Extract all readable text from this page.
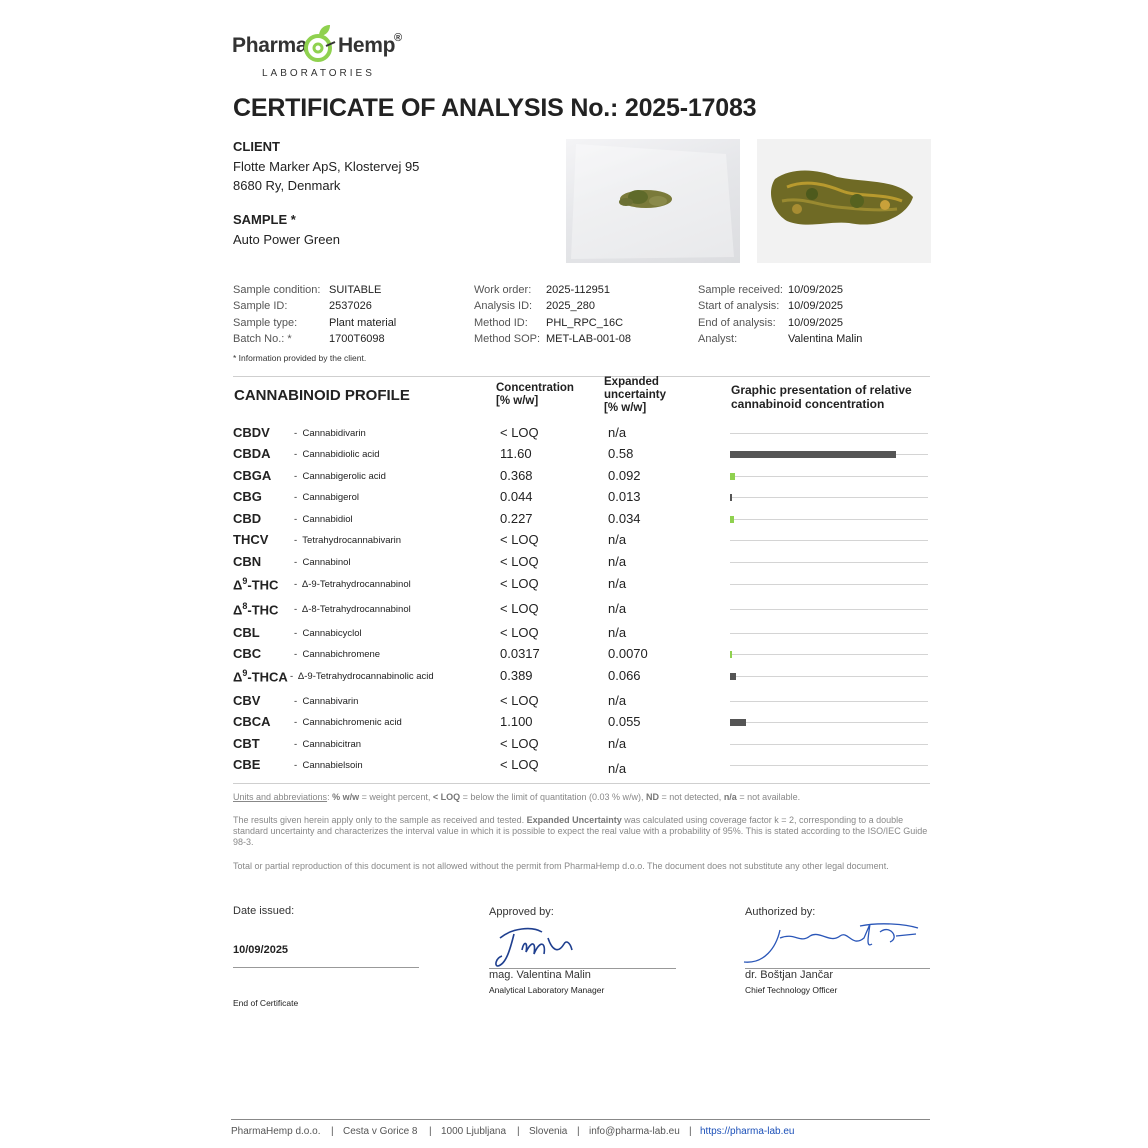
Pharma Hemp
®
LABORATORIES
CERTIFICATE OF ANALYSIS No.: 2025-17083
CLIENT
Flotte Marker ApS, Klostervej 95
8680 Ry, Denmark
SAMPLE *
Auto Power Green
Sample condition: SUITABLE
Sample ID:	2537026
Sample type:	Plant material
Batch No.: *	1700T6098
Work order: 2025-112951
Analysis ID: 2025_280
Method ID: PHL_RPC_16C
Method SOP: MET-LAB-001-08
Sample received: 10/09/2025
Start of analysis: 10/09/2025
End of analysis: 10/09/2025
Analyst:	Valentina Malin
* Information provided by the client.
CANNABINOID PROFILE	Concentration
[% w/w]
Expanded
uncertainty
[% w/w]
Graphic presentation of relative
cannabinoid concentration
CBDV	-  Cannabidivarin	< LOQ	n/a
CBDA -  Cannabidiolic acid	11.60	0.58
CBGA -  Cannabigerolic acid	0.368	0.092
CBG	-  Cannabigerol	0.044	0.013
CBD	-  Cannabidiol	0.227	0.034
THCV	-  Tetrahydrocannabivarin	< LOQ	n/a
CBN	-  Cannabinol	< LOQ	n/a
$\Delta^9$-THC -  Δ-9-Tetrahydrocannabinol	< LOQ	n/a
$\Delta^8$-THC -  Δ-8-Tetrahydrocannabinol	< LOQ	n/a
CBL	-  Cannabicyclol	< LOQ	n/a
CBC	-  Cannabichromene	0.0317	0.0070
$\Delta^9$-THCA -  Δ-9-Tetrahydrocannabinolic acid	0.389	0.066
CBV	-  Cannabivarin	< LOQ	n/a
CBCA -  Cannabichromenic acid	1.100	0.055
CBT	-  Cannabicitran	< LOQ	n/a
CBE	-  Cannabielsoin	< LOQ	n/a
Units and abbreviations: % w/w = weight percent, < LOQ = below the limit of quantitation (0.03 % w/w), ND = not detected, n/a = not available.
The results given herein apply only to the sample as received and tested. Expanded Uncertainty was calculated using coverage factor k = 2, corresponding to a double standard uncertainty and characterizes the interval value in which it is possible to expect the real value with a probability of 95%. This is stated according to the ISO/IEC Guide 98-3.
Total or partial reproduction of this document is not allowed without the permit from PharmaHemp d.o.o. The document does not substitute any other legal document.
Date issued:
10/09/2025
Approved by:
mag. Valentina Malin
Analytical Laboratory Manager
Authorized by:
dr. Boštjan Jančar
Chief Technology Officer
End of Certificate
PharmaHemp d.o.o. | Cesta v Gorice 8 | 1000 Ljubljana | Slovenia | info@pharma-lab.eu | https://pharma-lab.eu
